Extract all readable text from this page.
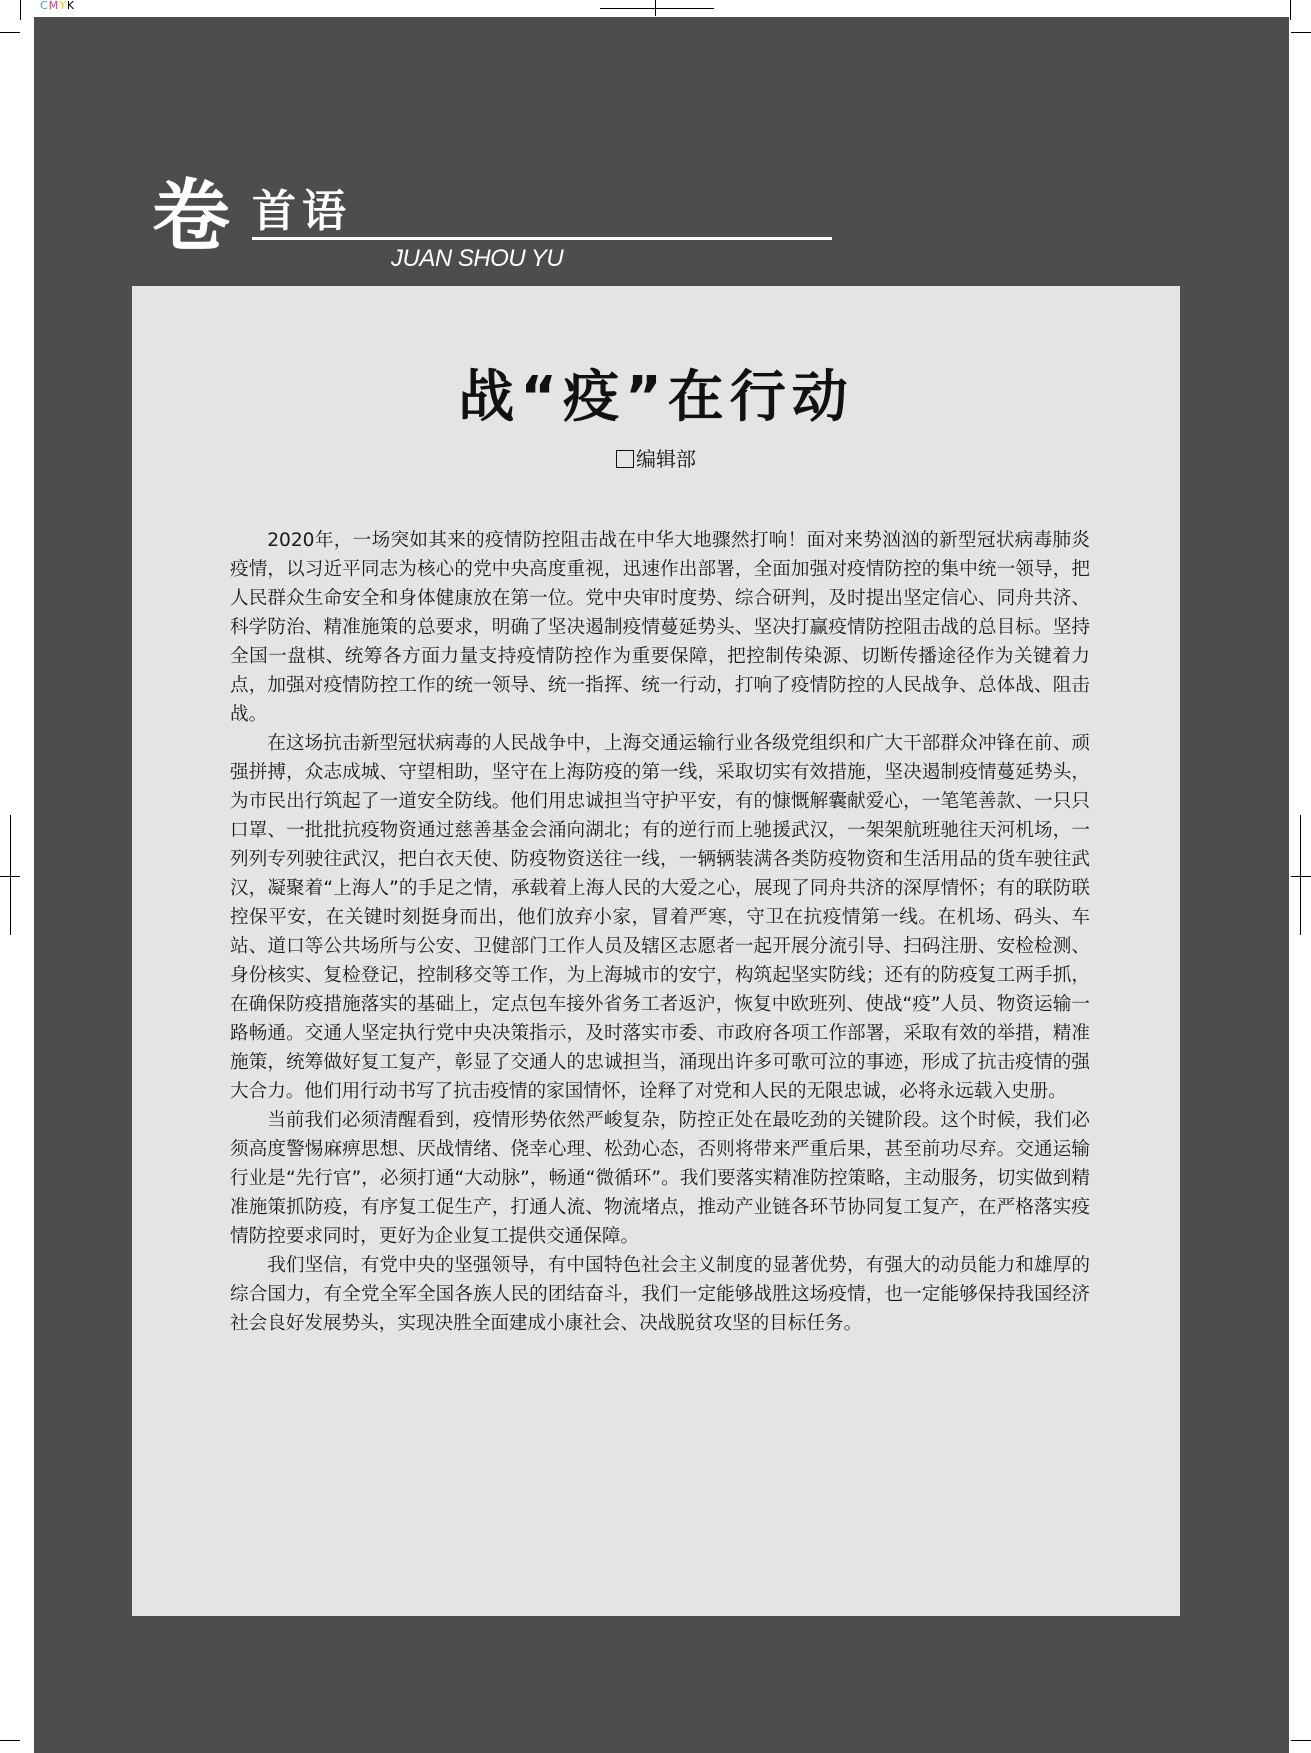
CMYK
卷 首语
JUAN SHOU YU
战“疫”在行动
编辑部

2020年，一场突如其来的疫情防控阻击战在中华大地骤然打响！面对来势汹汹的新型冠状病毒肺炎疫情，以习近平同志为核心的党中央高度重视，迅速作出部署，全面加强对疫情防控的集中统一领导，把人民群众生命安全和身体健康放在第一位。党中央审时度势、综合研判，及时提出坚定信心、同舟共济、科学防治、精准施策的总要求，明确了坚决遏制疫情蔓延势头、坚决打赢疫情防控阻击战的总目标。坚持全国一盘棋、统筹各方面力量支持疫情防控作为重要保障，把控制传染源、切断传播途径作为关键着力点，加强对疫情防控工作的统一领导、统一指挥、统一行动，打响了疫情防控的人民战争、总体战、阻击战。

在这场抗击新型冠状病毒的人民战争中，上海交通运输行业各级党组织和广大干部群众冲锋在前、顽强拼搏，众志成城、守望相助，坚守在上海防疫的第一线，采取切实有效措施，坚决遏制疫情蔓延势头，为市民出行筑起了一道安全防线。他们用忠诚担当守护平安，有的慷慨解囊献爱心，一笔笔善款、一只只口罩、一批批抗疫物资通过慈善基金会涌向湖北；有的逆行而上驰援武汉，一架架航班驰往天河机场，一列列专列驶往武汉，把白衣天使、防疫物资送往一线，一辆辆装满各类防疫物资和生活用品的货车驶往武汉，凝聚着“上海人”的手足之情，承载着上海人民的大爱之心，展现了同舟共济的深厚情怀；有的联防联控保平安，在关键时刻挺身而出，他们放弃小家，冒着严寒，守卫在抗疫情第一线。在机场、码头、车站、道口等公共场所与公安、卫健部门工作人员及辖区志愿者一起开展分流引导、扫码注册、安检检测、身份核实、复检登记，控制移交等工作，为上海城市的安宁，构筑起坚实防线；还有的防疫复工两手抓，在确保防疫措施落实的基础上，定点包车接外省务工者返沪，恢复中欧班列、使战“疫”人员、物资运输一路畅通。交通人坚定执行党中央决策指示，及时落实市委、市政府各项工作部署，采取有效的举措，精准施策，统筹做好复工复产，彰显了交通人的忠诚担当，涌现出许多可歌可泣的事迹，形成了抗击疫情的强大合力。他们用行动书写了抗击疫情的家国情怀，诠释了对党和人民的无限忠诚，必将永远载入史册。

当前我们必须清醒看到，疫情形势依然严峻复杂，防控正处在最吃劲的关键阶段。这个时候，我们必须高度警惕麻痹思想、厌战情绪、侥幸心理、松劲心态，否则将带来严重后果，甚至前功尽弃。交通运输行业是“先行官”，必须打通“大动脉”，畅通“微循环”。我们要落实精准防控策略，主动服务，切实做到精准施策抓防疫，有序复工促生产，打通人流、物流堵点，推动产业链各环节协同复工复产，在严格落实疫情防控要求同时，更好为企业复工提供交通保障。

我们坚信，有党中央的坚强领导，有中国特色社会主义制度的显著优势，有强大的动员能力和雄厚的综合国力，有全党全军全国各族人民的团结奋斗，我们一定能够战胜这场疫情，也一定能够保持我国经济社会良好发展势头，实现决胜全面建成小康社会、决战脱贫攻坚的目标任务。
